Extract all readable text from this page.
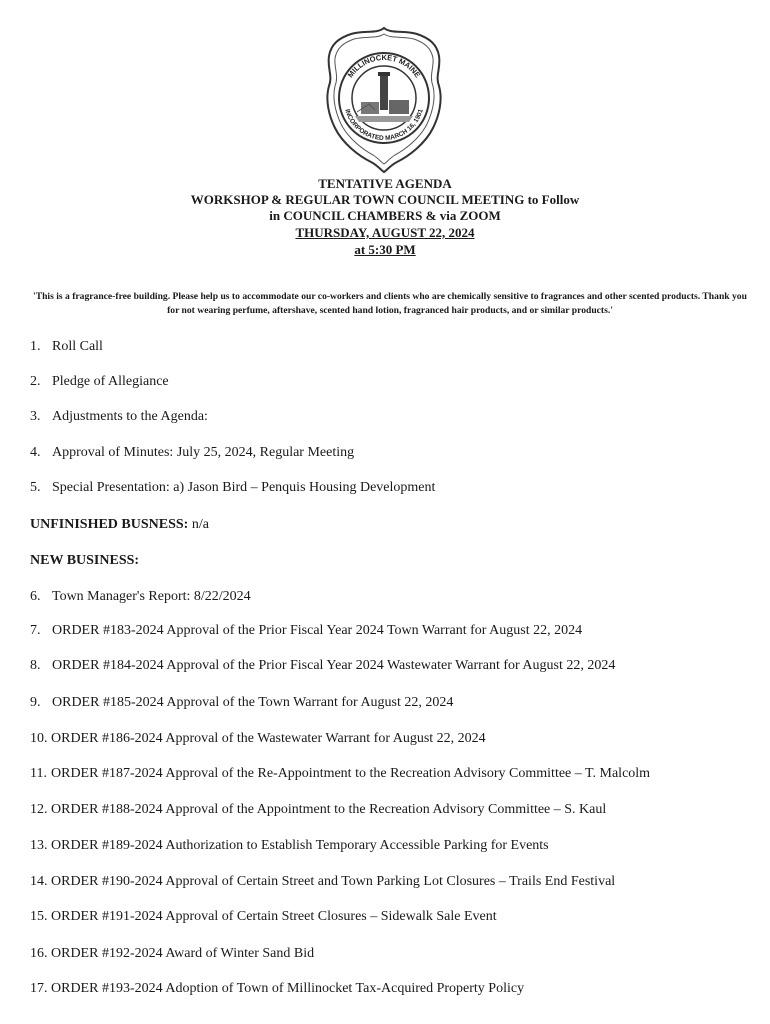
MILLINOCKET MAINE
INCORPORATED MARCH 16, 1901
TENTATIVE AGENDA
WORKSHOP & REGULAR TOWN COUNCIL MEETING to Follow
in COUNCIL CHAMBERS & via ZOOM
THURSDAY, AUGUST 22, 2024
at 5:30 PM
'This is a fragrance-free building. Please help us to accommodate our co-workers and clients who are chemically sensitive to fragrances and other scented products. Thank you for not wearing perfume, aftershave, scented hand lotion, fragranced hair products, and or similar products.'
1. Roll Call
2. Pledge of Allegiance
3. Adjustments to the Agenda:
4. Approval of Minutes: July 25, 2024, Regular Meeting
5. Special Presentation: a) Jason Bird – Penquis Housing Development
UNFINISHED BUSNESS: n/a
NEW BUSINESS:
6. Town Manager's Report: 8/22/2024
7. ORDER #183-2024 Approval of the Prior Fiscal Year 2024 Town Warrant for August 22, 2024
8. ORDER #184-2024 Approval of the Prior Fiscal Year 2024 Wastewater Warrant for August 22, 2024
9. ORDER #185-2024 Approval of the Town Warrant for August 22, 2024
10. ORDER #186-2024 Approval of the Wastewater Warrant for August 22, 2024
11. ORDER #187-2024 Approval of the Re-Appointment to the Recreation Advisory Committee – T. Malcolm
12. ORDER #188-2024 Approval of the Appointment to the Recreation Advisory Committee – S. Kaul
13. ORDER #189-2024 Authorization to Establish Temporary Accessible Parking for Events
14. ORDER #190-2024 Approval of Certain Street and Town Parking Lot Closures – Trails End Festival
15. ORDER #191-2024 Approval of Certain Street Closures – Sidewalk Sale Event
16. ORDER #192-2024 Award of Winter Sand Bid
17. ORDER #193-2024 Adoption of Town of Millinocket Tax-Acquired Property Policy
